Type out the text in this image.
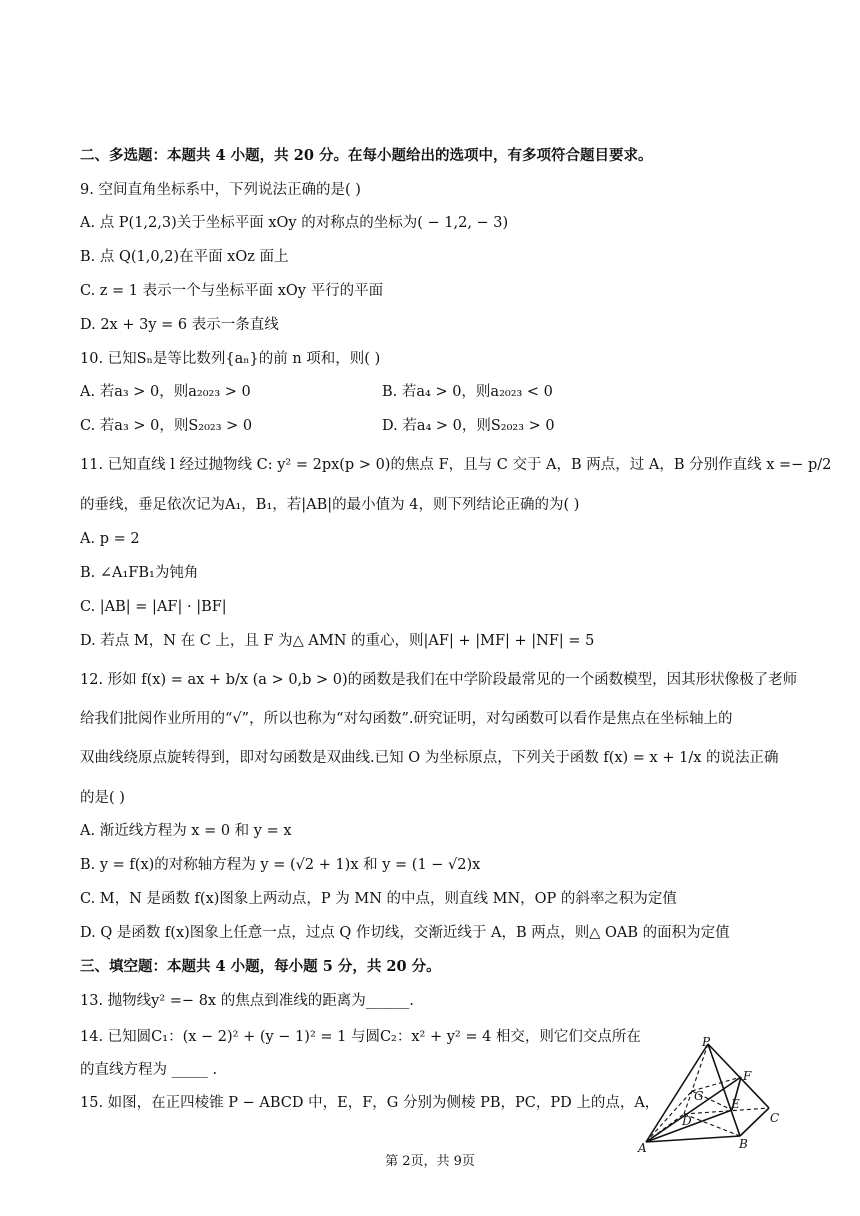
二、多选题：本题共 4 小题，共 20 分。在每小题给出的选项中，有多项符合题目要求。
9. 空间直角坐标系中，下列说法正确的是( )
A. 点 P(1,2,3)关于坐标平面 xOy 的对称点的坐标为( − 1,2, − 3)
B. 点 Q(1,0,2)在平面 xOz 面上
C. z = 1 表示一个与坐标平面 xOy 平行的平面
D. 2x + 3y = 6 表示一条直线
10. 已知Sₙ是等比数列{aₙ}的前 n 项和，则( )
A. 若a₃ > 0，则a₂₀₂₃ > 0	B. 若a₄ > 0，则a₂₀₂₃ < 0
C. 若a₃ > 0，则S₂₀₂₃ > 0	D. 若a₄ > 0，则S₂₀₂₃ > 0
11. 已知直线 l 经过抛物线 C: y² = 2px(p > 0)的焦点 F，且与 C 交于 A，B 两点，过 A，B 分别作直线 x =− p/2
的垂线，垂足依次记为A₁，B₁，若|AB|的最小值为 4，则下列结论正确的为( )
A. p = 2
B. ∠A₁FB₁为钝角
C. |AB| = |AF| · |BF|
D. 若点 M，N 在 C 上，且 F 为△ AMN 的重心，则|AF| + |MF| + |NF| = 5
12. 形如 f(x) = ax + b/x (a > 0,b > 0)的函数是我们在中学阶段最常见的一个函数模型，因其形状像极了老师
给我们批阅作业所用的“√”，所以也称为“对勾函数”.研究证明，对勾函数可以看作是焦点在坐标轴上的
双曲线绕原点旋转得到，即对勾函数是双曲线.已知 O 为坐标原点，下列关于函数 f(x) = x + 1/x 的说法正确
的是( )
A. 渐近线方程为 x = 0 和 y = x
B. y = f(x)的对称轴方程为 y = (√2 + 1)x 和 y = (1 − √2)x
C. M，N 是函数 f(x)图象上两动点，P 为 MN 的中点，则直线 MN，OP 的斜率之积为定值
D. Q 是函数 f(x)图象上任意一点，过点 Q 作切线，交渐近线于 A，B 两点，则△ OAB 的面积为定值
三、填空题：本题共 4 小题，每小题 5 分，共 20 分。
13. 抛物线y² =− 8x 的焦点到准线的距离为______.
14. 已知圆C₁：(x − 2)² + (y − 1)² = 1 与圆C₂：x² + y² = 4 相交，则它们交点所在
的直线方程为 _____ .
15. 如图，在正四棱锥 P − ABCD 中，E，F，G 分别为侧棱 PB，PC，PD 上的点，A，
P
F
G
E
D	C
A	B
第 2页，共 9页
